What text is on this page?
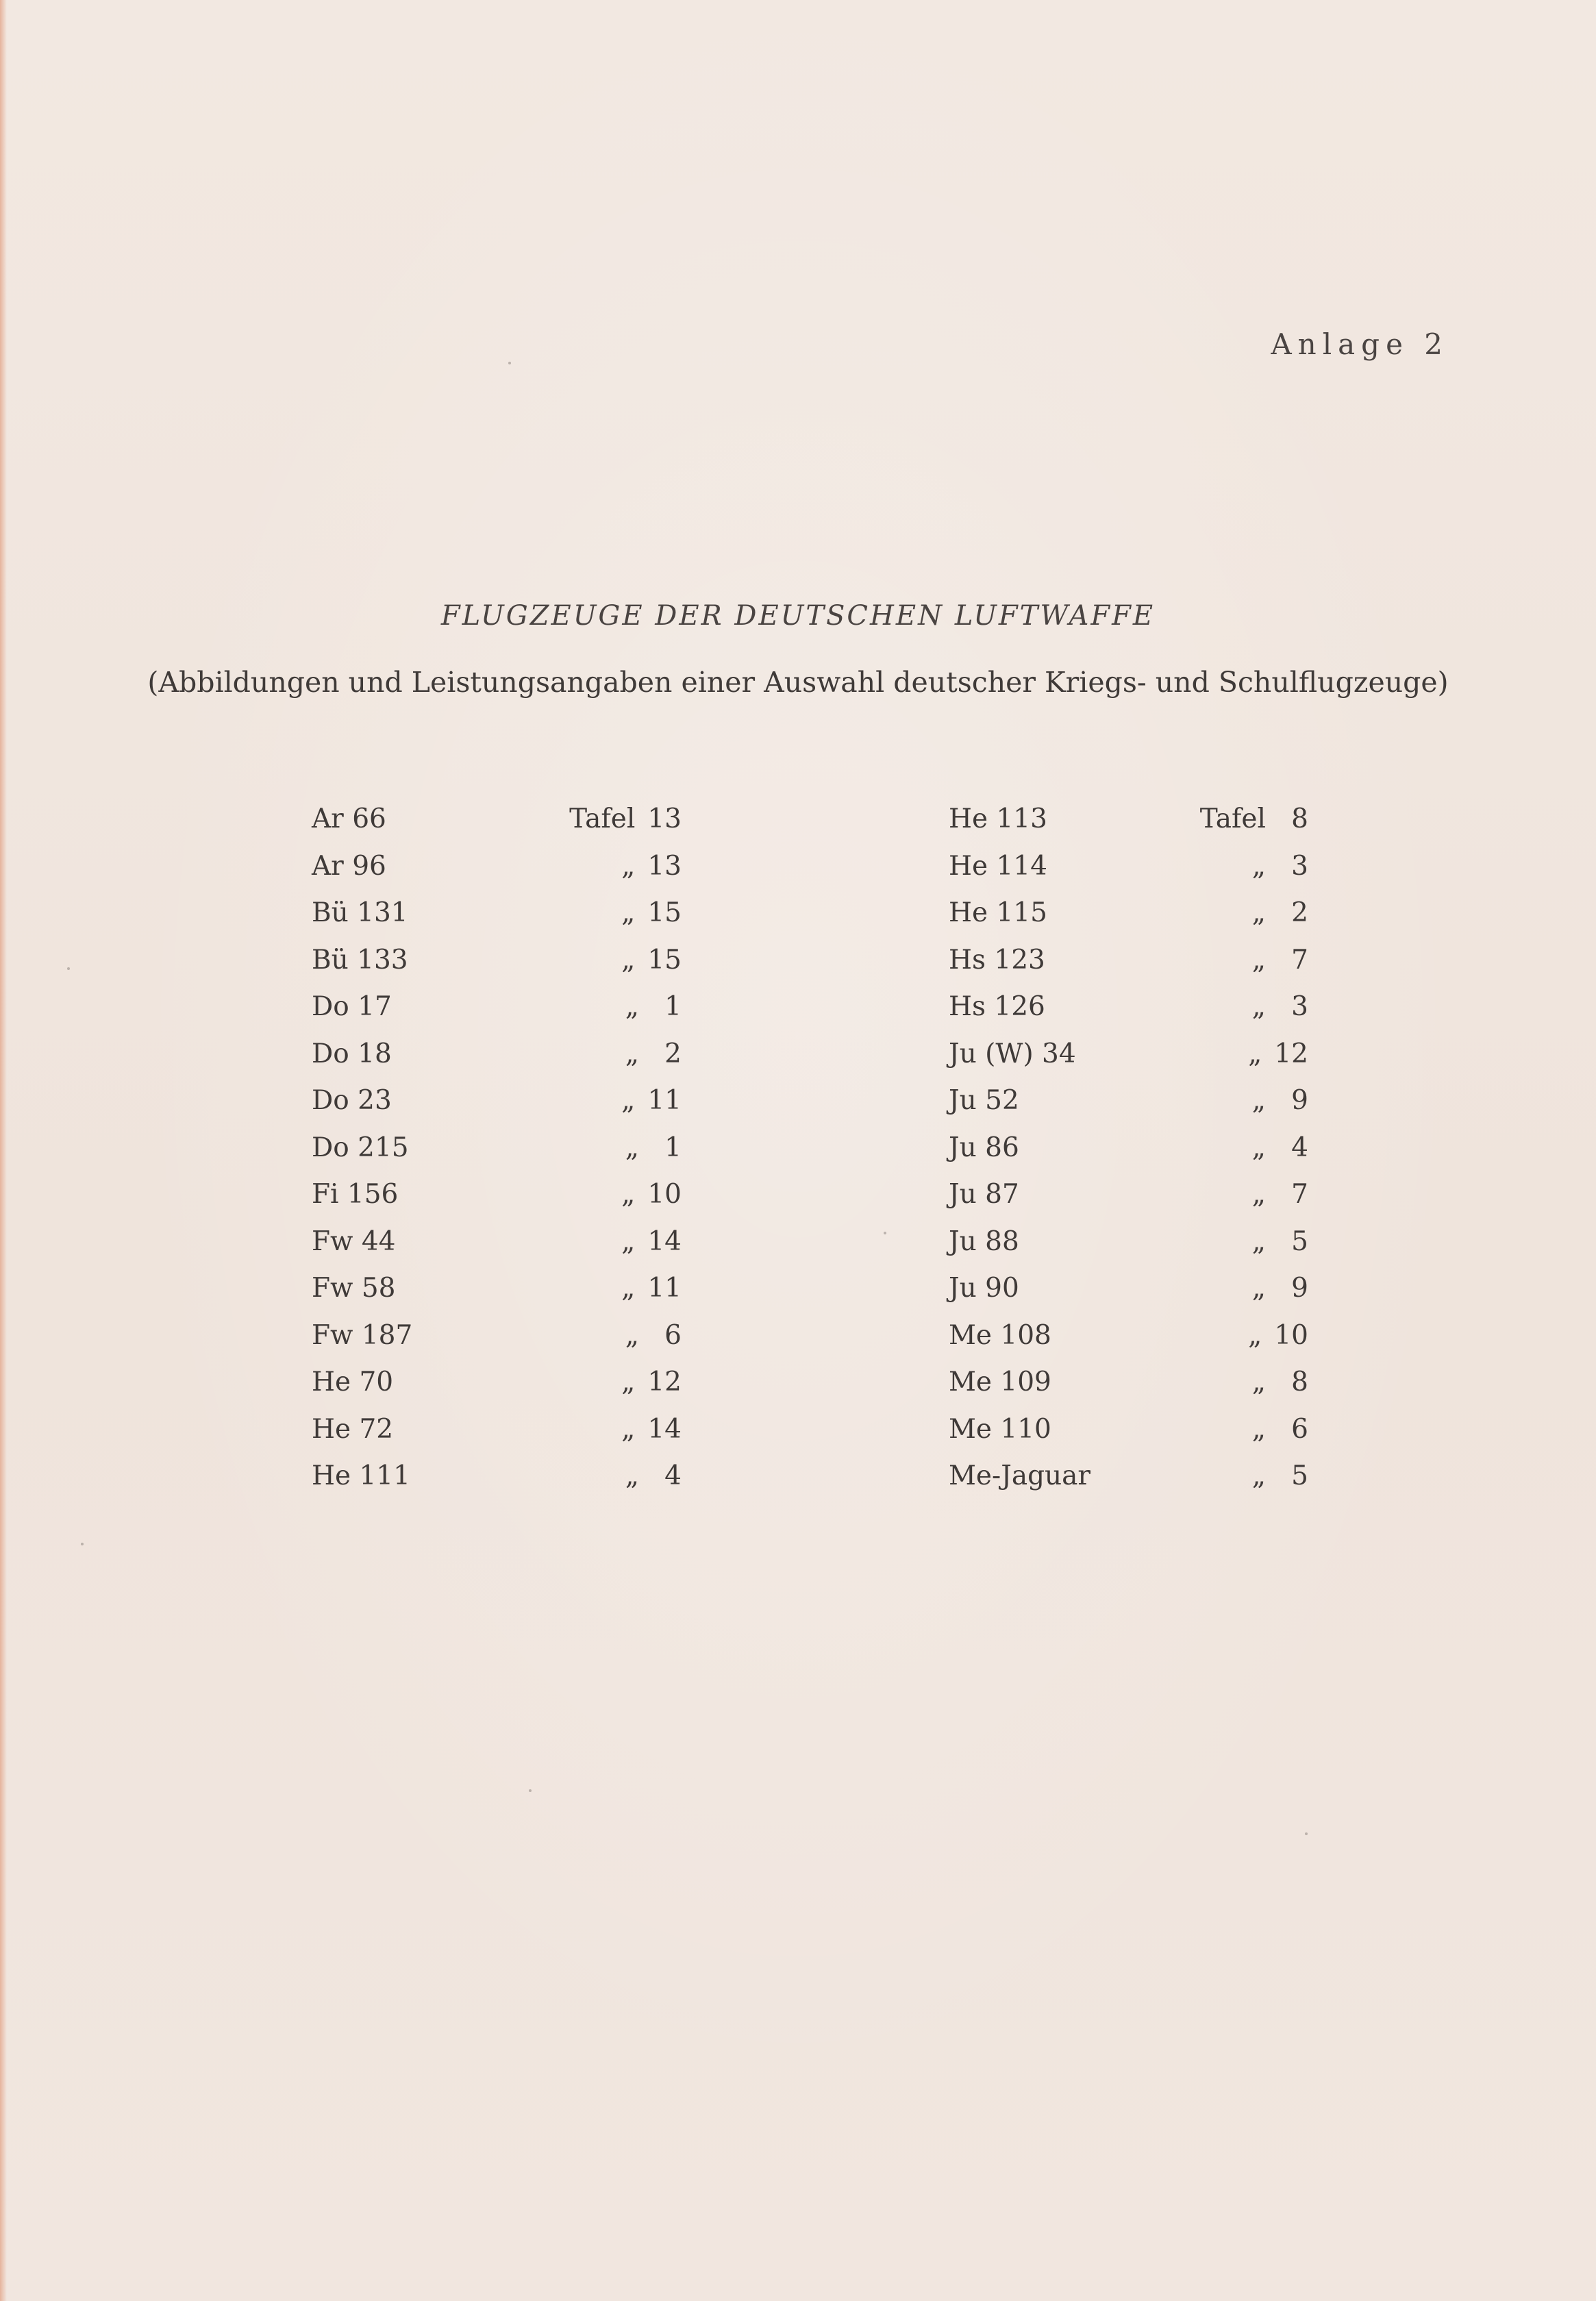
Anlage 2
FLUGZEUGE DER DEUTSCHEN LUFTWAFFE
(Abbildungen und Leistungsangaben einer Auswahl deutscher Kriegs- und Schulflugzeuge)
Ar 66	Tafel 13
Ar 96	„ 13
Bü 131	„ 15
Bü 133	„ 15
Do 17	„ 1
Do 18	„ 2
Do 23	„ 11
Do 215	„ 1
Fi 156	„ 10
Fw 44	„ 14
Fw 58	„ 11
Fw 187	„ 6
He 70	„ 12
He 72	„ 14
He 111	„ 4
He 113	Tafel 8
He 114	„ 3
He 115	„ 2
Hs 123	„ 7
Hs 126	„ 3
Ju (W) 34	„ 12
Ju 52	„ 9
Ju 86	„ 4
Ju 87	„ 7
Ju 88	„ 5
Ju 90	„ 9
Me 108	„ 10
Me 109	„ 8
Me 110	„ 6
Me-Jaguar	„ 5
